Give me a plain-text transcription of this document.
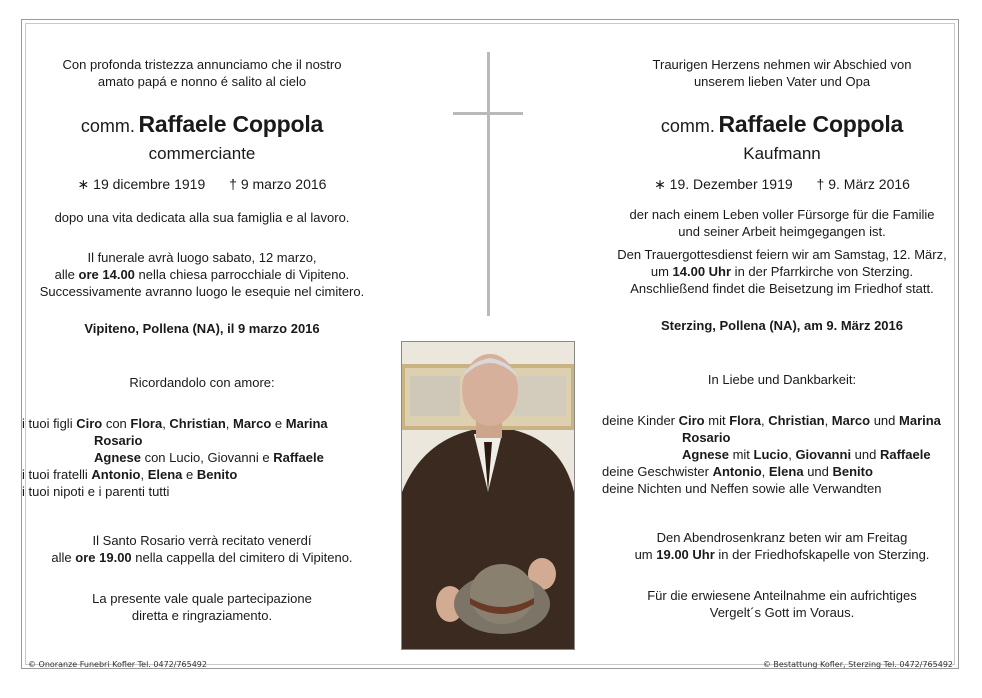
Con profonda tristezza annunciamo che il nostro
amato papá e nonno é salito al cielo
comm. Raffaele Coppola
commerciante
∗ 19 dicembre 1919 † 9 marzo 2016
dopo una vita dedicata alla sua famiglia e al lavoro.
Il funerale avrà luogo sabato, 12 marzo,
alle ore 14.00 nella chiesa parrocchiale di Vipiteno.
Successivamente avranno luogo le esequie nel cimitero.
Vipiteno, Pollena (NA), il 9 marzo 2016
Ricordandolo con amore:
i tuoi figli Ciro con Flora, Christian, Marco e Marina
Rosario
Agnese con Lucio, Giovanni e Raffaele
i tuoi fratelli Antonio, Elena e Benito
i tuoi nipoti e i parenti tutti
Il Santo Rosario verrà recitato venerdí
alle ore 19.00 nella cappella del cimitero di Vipiteno.
La presente vale quale partecipazione
diretta e ringraziamento.
Traurigen Herzens nehmen wir Abschied von
unserem lieben Vater und Opa
comm. Raffaele Coppola
Kaufmann
∗ 19. Dezember 1919 † 9. März 2016
der nach einem Leben voller Fürsorge für die Familie
und seiner Arbeit heimgegangen ist.
Den Trauergottesdienst feiern wir am Samstag, 12. März,
um 14.00 Uhr in der Pfarrkirche von Sterzing.
Anschließend findet die Beisetzung im Friedhof statt.
Sterzing, Pollena (NA), am 9. März 2016
In Liebe und Dankbarkeit:
deine Kinder Ciro mit Flora, Christian, Marco und Marina
Rosario
Agnese mit Lucio, Giovanni und Raffaele
deine Geschwister Antonio, Elena und Benito
deine Nichten und Neffen sowie alle Verwandten
Den Abendrosenkranz beten wir am Freitag
um 19.00 Uhr in der Friedhofskapelle von Sterzing.
Für die erwiesene Anteilnahme ein aufrichtiges
Vergelt´s Gott im Voraus.
© Onoranze Funebri Kofler Tel. 0472/765492	© Bestattung Kofler, Sterzing Tel. 0472/765492
